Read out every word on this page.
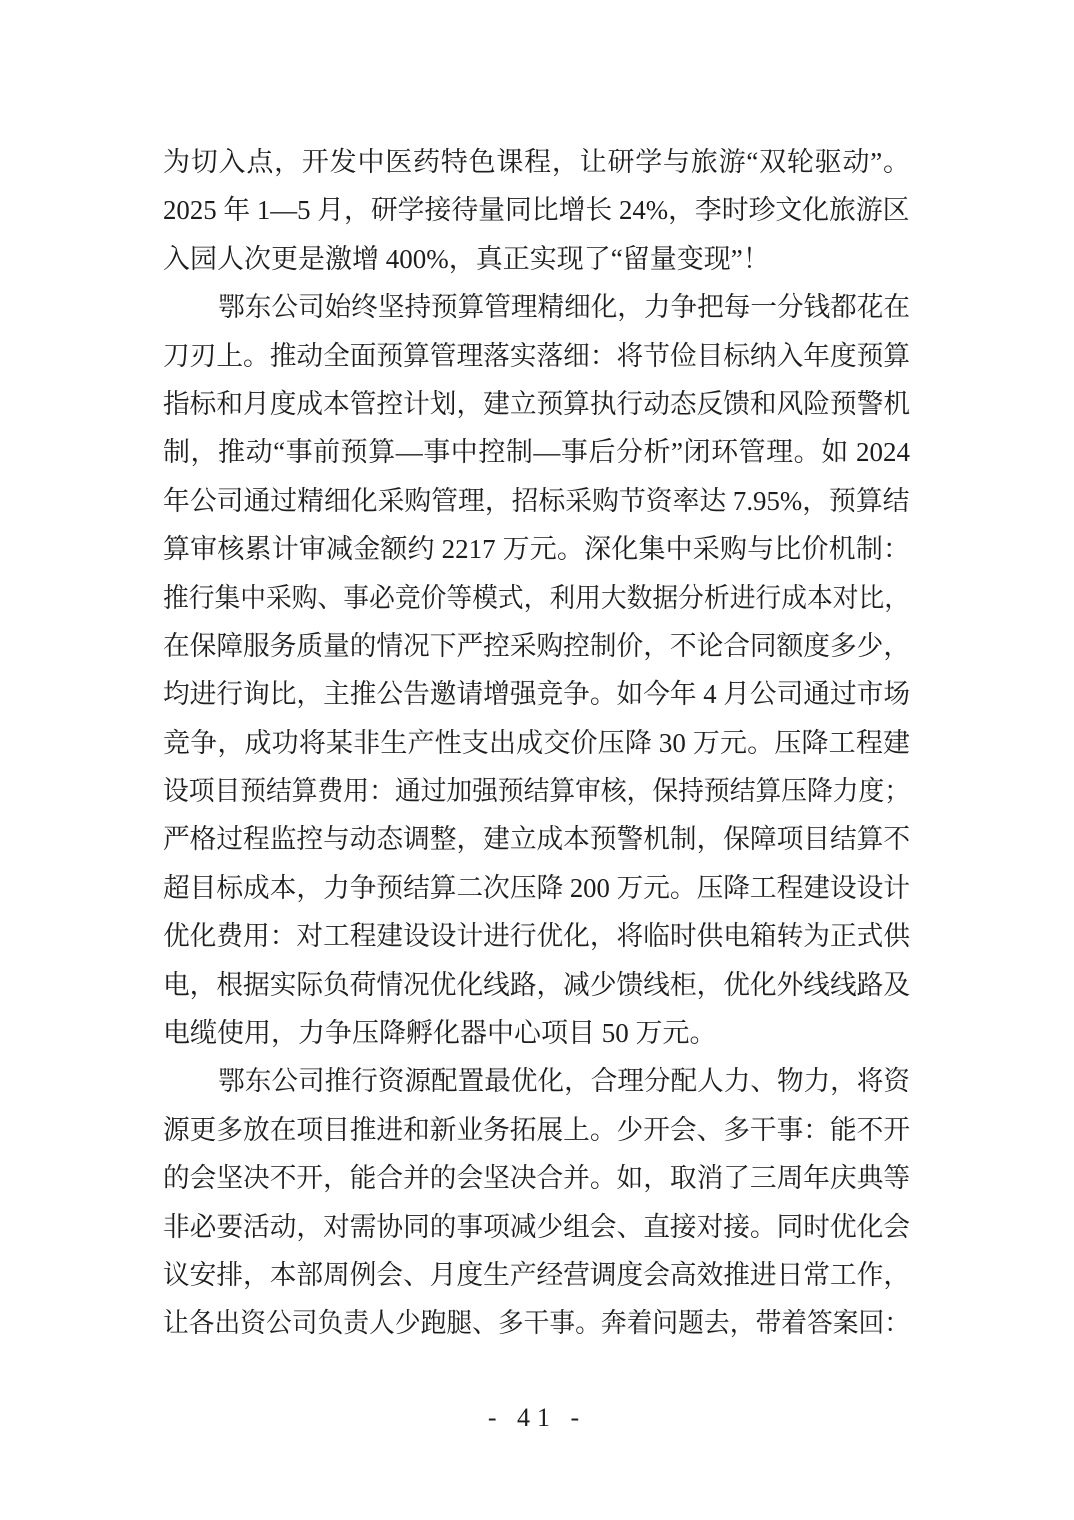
为切入点，开发中医药特色课程，让研学与旅游“双轮驱动”。
2025 年 1—5 月，研学接待量同比增长 24%，李时珍文化旅游区
入园人次更是激增 400%，真正实现了“留量变现”！
鄂东公司始终坚持预算管理精细化，力争把每一分钱都花在
刀刃上。推动全面预算管理落实落细：将节俭目标纳入年度预算
指标和月度成本管控计划，建立预算执行动态反馈和风险预警机
制，推动“事前预算—事中控制—事后分析”闭环管理。如 2024
年公司通过精细化采购管理，招标采购节资率达 7.95%，预算结
算审核累计审减金额约 2217 万元。深化集中采购与比价机制：
推行集中采购、事必竞价等模式，利用大数据分析进行成本对比，
在保障服务质量的情况下严控采购控制价，不论合同额度多少，
均进行询比，主推公告邀请增强竞争。如今年 4 月公司通过市场
竞争，成功将某非生产性支出成交价压降 30 万元。压降工程建
设项目预结算费用：通过加强预结算审核，保持预结算压降力度；
严格过程监控与动态调整，建立成本预警机制，保障项目结算不
超目标成本，力争预结算二次压降 200 万元。压降工程建设设计
优化费用：对工程建设设计进行优化，将临时供电箱转为正式供
电，根据实际负荷情况优化线路，减少馈线柜，优化外线线路及
电缆使用，力争压降孵化器中心项目 50 万元。
鄂东公司推行资源配置最优化，合理分配人力、物力，将资
源更多放在项目推进和新业务拓展上。少开会、多干事：能不开
的会坚决不开，能合并的会坚决合并。如，取消了三周年庆典等
非必要活动，对需协同的事项减少组会、直接对接。同时优化会
议安排，本部周例会、月度生产经营调度会高效推进日常工作，
让各出资公司负责人少跑腿、多干事。奔着问题去，带着答案回：
- 41 -
